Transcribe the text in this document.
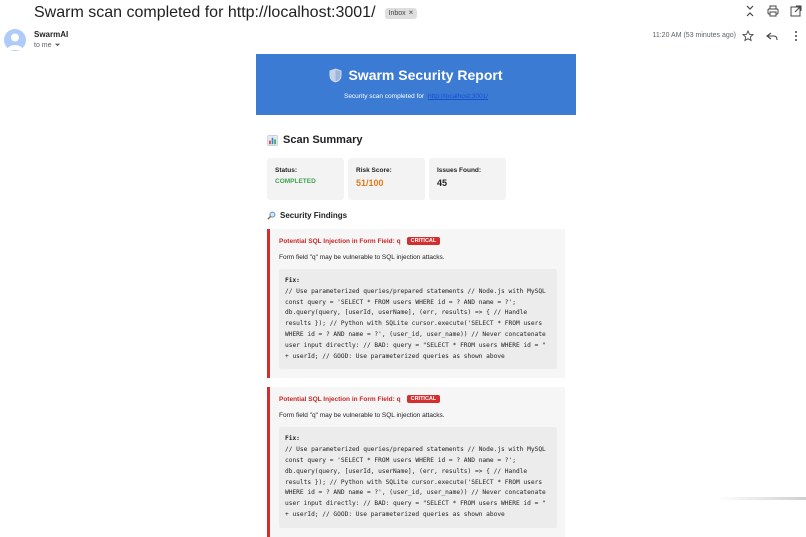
Swarm scan completed for http://localhost:3001/ Inbox ×
SwarmAI
to me
11:20 AM (53 minutes ago)
Swarm Security Report
Security scan completed for http://localhost:3001/
Scan Summary
Status:
COMPLETED
Risk Score:
51/100
Issues Found:
45
Security Findings
Potential SQL Injection in Form Field: q	CRITICAL
Form field "q" may be vulnerable to SQL injection attacks.
Fix:
// Use parameterized queries/prepared statements // Node.js with MySQL const query = 'SELECT * FROM users WHERE id = ? AND name = ?'; db.query(query, [userId, userName], (err, results) => { // Handle results }); // Python with SQLite cursor.execute('SELECT * FROM users WHERE id = ? AND name = ?', (user_id, user_name)) // Never concatenate user input directly: // BAD: query = "SELECT * FROM users WHERE id = " + userId; // GOOD: Use parameterized queries as shown above
Potential SQL Injection in Form Field: q	CRITICAL
Form field "q" may be vulnerable to SQL injection attacks.
Fix:
// Use parameterized queries/prepared statements // Node.js with MySQL const query = 'SELECT * FROM users WHERE id = ? AND name = ?'; db.query(query, [userId, userName], (err, results) => { // Handle results }); // Python with SQLite cursor.execute('SELECT * FROM users WHERE id = ? AND name = ?', (user_id, user_name)) // Never concatenate user input directly: // BAD: query = "SELECT * FROM users WHERE id = " + userId; // GOOD: Use parameterized queries as shown above
